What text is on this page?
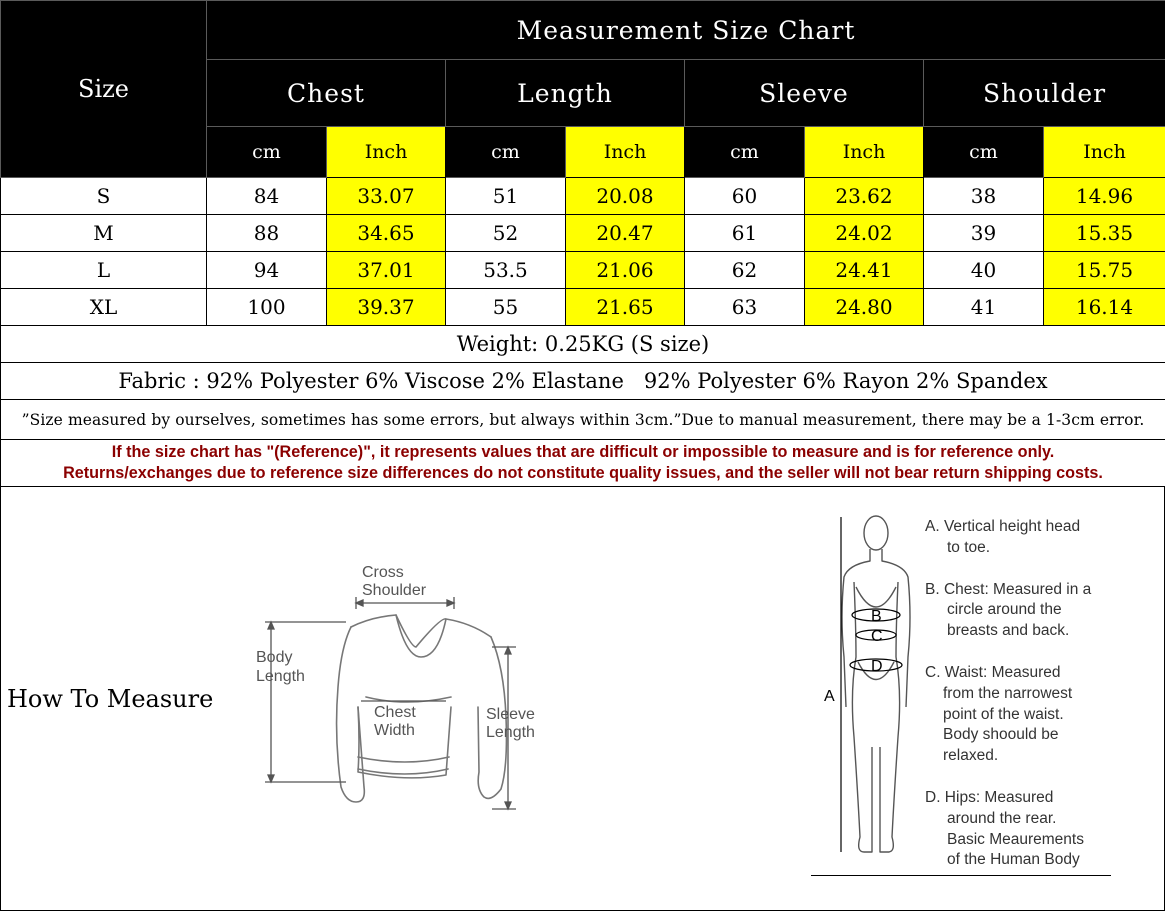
Size	Measurement Size Chart							
	Chest		Length		Sleeve		Shoulder	
	cm	Inch	cm	Inch	cm	Inch	cm	Inch
S	84	33.07	51	20.08	60	23.62	38	14.96
M	88	34.65	52	20.47	61	24.02	39	15.35
L	94	37.01	53.5	21.06	62	24.41	40	15.75
XL	100	39.37	55	21.65	63	24.80	41	16.14
Weight: 0.25KG (S size)								
Fabric : 92% Polyester 6% Viscose 2% Elastane   92% Polyester 6% Rayon 2% Spandex								
”Size measured by ourselves, sometimes has some errors, but always within 3cm.”Due to manual measurement, there may be a 1-3cm error.								

If the size chart has "(Reference)", it represents values that are difficult or impossible to measure and is for reference only.
Returns/exchanges due to reference size differences do not constitute quality issues, and the seller will not bear return shipping costs.								
How To Measure
Cross
Shoulder
Body
Length
Chest
Width
Sleeve
Length
B
C
D
A
A. Vertical height head
to toe.
B. Chest: Measured in a
circle around the
breasts and back.
C. Waist: Measured
from the narrowest
point of the waist.
Body shoould be
relaxed.
D. Hips: Measured
around the rear.
Basic Meaurements
of the Human Body
